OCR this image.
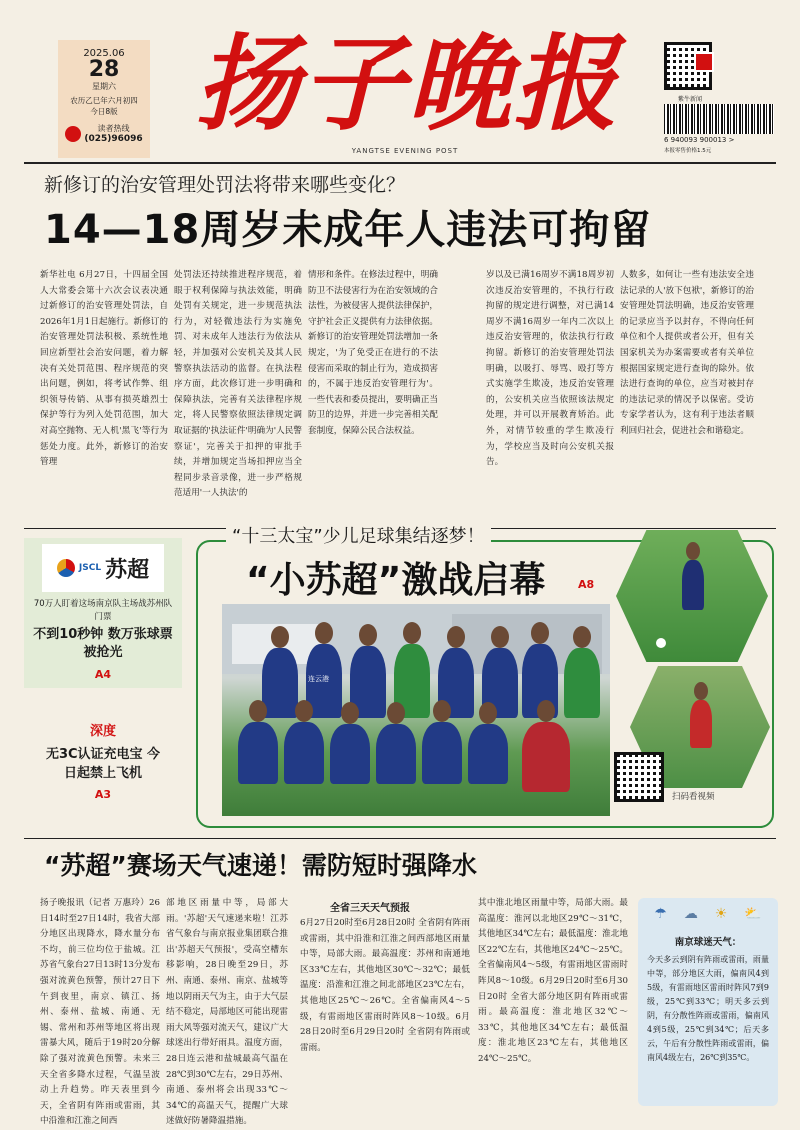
2025.06
28
星期六
农历乙巳年六月初四
今日8版
读者热线
(025)96096 扬子晚报
YANGTSE EVENING POST
紫牛新闻
6 940093 900013 >
本报零售价格1.5元
新修订的治安管理处罚法将带来哪些变化？
14—18周岁未成年人违法可拘留
新华社电 6月27日，十四届全国人大常委会第十六次会议表决通过新修订的治安管理处罚法，自2026年1月1日起施行。新修订的治安管理处罚法积极、系统性地回应新型社会治安问题，着力解决有关处罚范围、程序规范的突出问题，例如，将考试作弊、组织领导传销、从事有损英雄烈士保护等行为列入处罚范围，加大对高空抛物、无人机'黑飞'等行为惩处力度。此外，新修订的治安管理
处罚法还持续推进程序规范，着眼于权利保障与执法效能，明确处罚有关规定，进一步规范执法行为，对轻微违法行为实施免罚、对未成年人违法行为依法从轻，并加强对公安机关及其人民警察执法活动的监督。在执法程序方面，此次修订进一步明确和保障执法，完善有关法律程序规定，将人民警察依照法律规定调取证据的'执法证件'明确为'人民警察证'，完善关于扣押的审批手续，并增加规定当场扣押应当全程同步录音录像，进一步严格规范适用'一人执法'的
情形和条件。在修法过程中，明确防卫不法侵害行为在治安领域的合法性，为被侵害人提供法律保护，守护社会正义提供有力法律依据。新修订的治安管理处罚法增加一条规定，'为了免受正在进行的不法侵害而采取的制止行为，造成损害的，不属于违反治安管理行为'。一些代表和委员提出，要明确正当防卫的边界，并进一步完善相关配套制度，保障公民合法权益。
岁以及已满16周岁不满18周岁初次违反治安管理的，不执行行政拘留的规定进行调整，对已满14周岁不满16周岁一年内二次以上违反治安管理的，依法执行行政拘留。新修订的治安管理处罚法明确，以吸打、辱骂、殴打等方式实施学生欺凌，违反治安管理的，公安机关应当依照该法规定处理，并可以开展教育矫治。此外，对情节较重的学生欺凌行为，学校应当及时向公安机关报告。
人数多，如何让一些有违法安全违法记录的人'放下包袱'，新修订的治安管理处罚法明确，违反治安管理的记录应当予以封存，不得向任何单位和个人提供或者公开，但有关国家机关为办案需要或者有关单位根据国家规定进行查询的除外。依法进行查询的单位，应当对被封存的违法记录的情况予以保密。受访专家学者认为，这有利于违法者顺利回归社会，促进社会和谐稳定。
JSCL 苏超
70万人盯着这场南京队主场战苏州队门票
不到10秒钟 数万张球票被抢光
A4
深度
无3C认证充电宝 今日起禁上飞机
A3
“十三太宝”少儿足球集结逐梦！
“小苏超”激战启幕	A8
连云港
扫码看视频
“苏超”赛场天气速递！需防短时强降水
扬子晚报讯（记者 万惠玲）26日14时至27日14时，我省大部分地区出现降水，降水量分布不均，前三位均位于盐城。江苏省气象台27日13时13分发布强对流黄色预警，预计27日下午到夜里，南京、镇江、扬州、泰州、盐城、南通、无锡、常州和苏州等地区将出现雷暴大风，随后于19时20分解除了强对流黄色预警。未来三天全省多降水过程，气温呈波动上升趋势。昨天表里到今天，全省阴有阵雨或雷雨，其中沿淮和江淮之间西
部地区雨量中等，局部大雨。'苏超'天气速递来啦！江苏省气象台与南京报业集团联合推出'苏超天气预报'，受高空槽东移影响，28日晚至29日，苏州、南通、泰州、南京、盐城等地以阴雨天气为主，由于大气层结不稳定，局部地区可能出现雷雨大风等强对流天气，建议广大球迷出行带好雨具。温度方面，28日连云港和盐城最高气温在28℃到30℃左右，29日苏州、南通、泰州将会出现33℃～34℃的高温天气，提醒广大球迷做好防暑降温措施。
全省三天天气预报
6月27日20时至6月28日20时 全省阴有阵雨或雷雨，其中沿淮和江淮之间西部地区雨量中等，局部大雨。最高温度：苏州和南通地区33℃左右，其他地区30℃～32℃；最低温度：沿淮和江淮之间北部地区23℃左右，其他地区25℃～26℃。全省偏南风4～5级，有雷雨地区雷雨时阵风8～10级。6月28日20时至6月29日20时 全省阴有阵雨或雷雨。
其中淮北地区雨量中等，局部大雨。最高温度：淮河以北地区29℃～31℃，其他地区34℃左右；最低温度：淮北地区22℃左右，其他地区24℃～25℃。全省偏南风4～5级，有雷雨地区雷雨时阵风8～10级。6月29日20时至6月30日20时 全省大部分地区阴有阵雨或雷雨。最高温度：淮北地区32℃～33℃，其他地区34℃左右；最低温度：淮北地区23℃左右，其他地区24℃～25℃。
☂ ☁ ☀ ⛅
南京球迷天气：
今天多云到阴有阵雨或雷雨，雨量中等，部分地区大雨，偏南风4到5级，有雷雨地区雷雨时阵风7到9级，25℃到33℃；明天多云到阴，有分散性阵雨或雷雨，偏南风4到5级，25℃到34℃；后天多云，午后有分散性阵雨或雷雨，偏南风4级左右，26℃到35℃。
